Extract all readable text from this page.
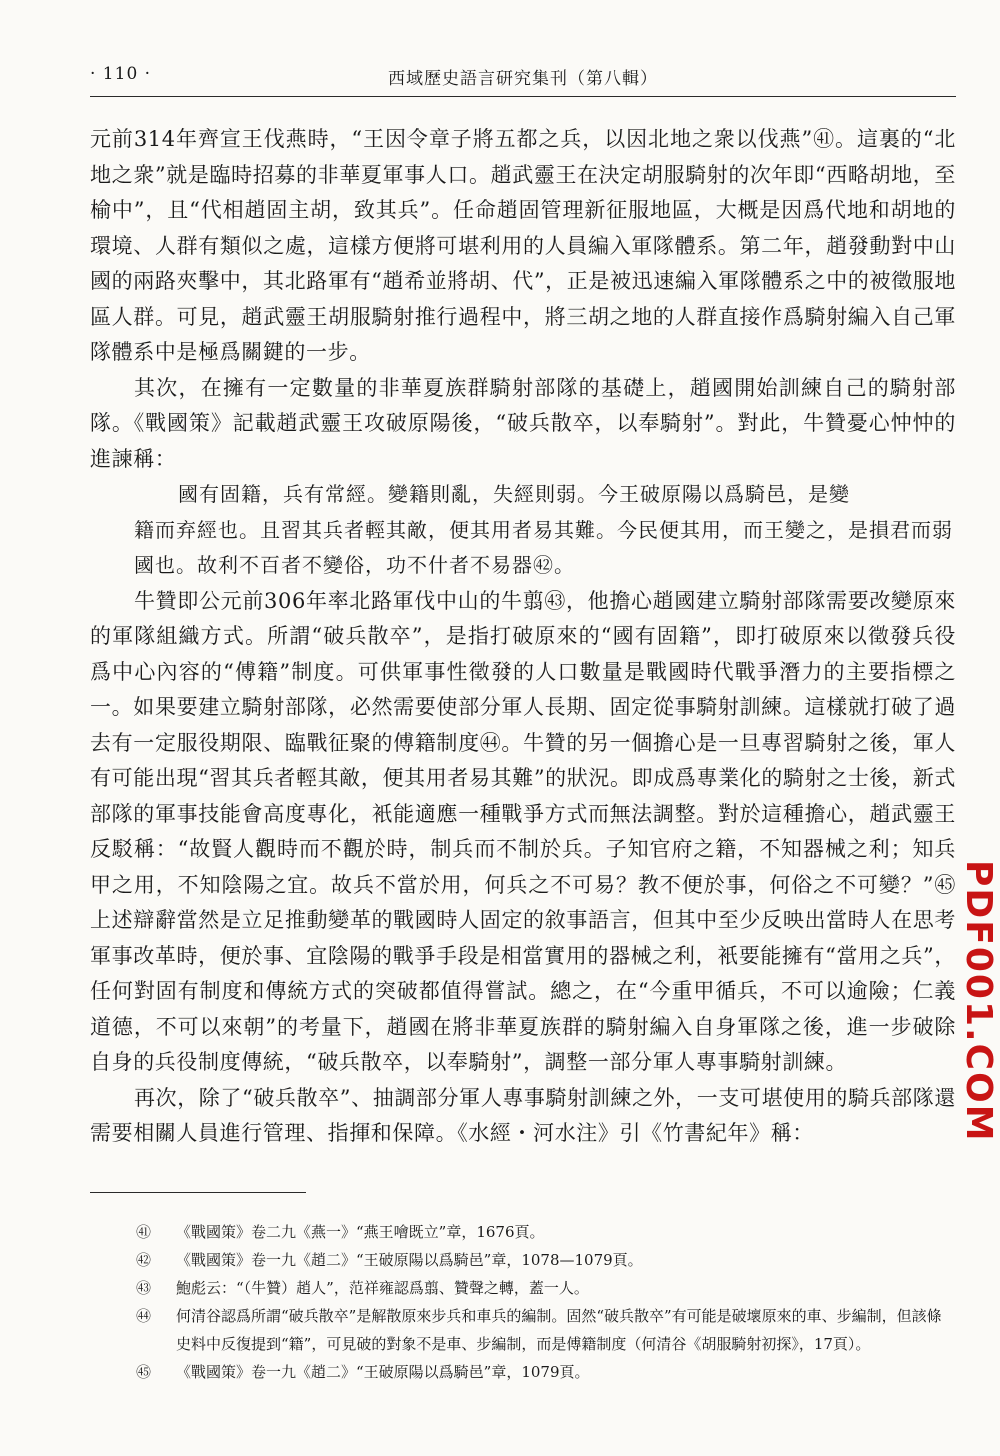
· 110 ·	西域歷史語言研究集刊（第八輯）

元前314年齊宣王伐燕時，“王因令章子將五都之兵，以因北地之衆以伐燕”㊶。這裏的“北地之衆”就是臨時招募的非華夏軍事人口。趙武靈王在決定胡服騎射的次年即“西略胡地，至榆中”，且“代相趙固主胡，致其兵”。任命趙固管理新征服地區，大概是因爲代地和胡地的環境、人群有類似之處，這樣方便將可堪利用的人員編入軍隊體系。第二年，趙發動對中山國的兩路夾擊中，其北路軍有“趙希並將胡、代”，正是被迅速編入軍隊體系之中的被徵服地區人群。可見，趙武靈王胡服騎射推行過程中，將三胡之地的人群直接作爲騎射編入自己軍隊體系中是極爲關鍵的一步。

其次，在擁有一定數量的非華夏族群騎射部隊的基礎上，趙國開始訓練自己的騎射部隊。《戰國策》記載趙武靈王攻破原陽後，“破兵散卒，以奉騎射”。對此，牛贊憂心忡忡的進諫稱：

國有固籍，兵有常經。變籍則亂，失經則弱。今王破原陽以爲騎邑，是變
籍而弃經也。且習其兵者輕其敵，便其用者易其難。今民便其用，而王變之，是損君而弱國也。故利不百者不變俗，功不什者不易器㊷。

牛贊即公元前306年率北路軍伐中山的牛翦㊸，他擔心趙國建立騎射部隊需要改變原來的軍隊組織方式。所謂“破兵散卒”，是指打破原來的“國有固籍”，即打破原來以徵發兵役爲中心內容的“傅籍”制度。可供軍事性徵發的人口數量是戰國時代戰爭潛力的主要指標之一。如果要建立騎射部隊，必然需要使部分軍人長期、固定從事騎射訓練。這樣就打破了過去有一定服役期限、臨戰征聚的傅籍制度㊹。牛贊的另一個擔心是一旦專習騎射之後，軍人有可能出現“習其兵者輕其敵，便其用者易其難”的狀況。即成爲專業化的騎射之士後，新式部隊的軍事技能會高度專化，衹能適應一種戰爭方式而無法調整。對於這種擔心，趙武靈王反駁稱：“故賢人觀時而不觀於時，制兵而不制於兵。子知官府之籍，不知器械之利；知兵甲之用，不知陰陽之宜。故兵不當於用，何兵之不可易？教不便於事，何俗之不可變？”㊺上述辯辭當然是立足推動變革的戰國時人固定的敘事語言，但其中至少反映出當時人在思考軍事改革時，便於事、宜陰陽的戰爭手段是相當實用的器械之利，衹要能擁有“當用之兵”，任何對固有制度和傳統方式的突破都值得嘗試。總之，在“今重甲循兵，不可以逾險；仁義道德，不可以來朝”的考量下，趙國在將非華夏族群的騎射編入自身軍隊之後，進一步破除自身的兵役制度傳統，“破兵散卒，以奉騎射”，調整一部分軍人專事騎射訓練。

再次，除了“破兵散卒”、抽調部分軍人專事騎射訓練之外，一支可堪使用的騎兵部隊還需要相關人員進行管理、指揮和保障。《水經・河水注》引《竹書紀年》稱：

㊶ 《戰國策》卷二九《燕一》“燕王噲既立”章，1676頁。

㊷ 《戰國策》卷一九《趙二》“王破原陽以爲騎邑”章，1078—1079頁。

㊸ 鮑彪云：“（牛贊）趙人”，范祥雍認爲翦、贊聲之轉，蓋一人。

㊹ 何清谷認爲所謂“破兵散卒”是解散原來步兵和車兵的編制。固然“破兵散卒”有可能是破壞原來的車、步編制，但該條史料中反復提到“籍”，可見破的對象不是車、步編制，而是傅籍制度（何清谷《胡服騎射初探》，17頁）。

㊺ 《戰國策》卷一九《趙二》“王破原陽以爲騎邑”章，1079頁。

PDF001.COM
